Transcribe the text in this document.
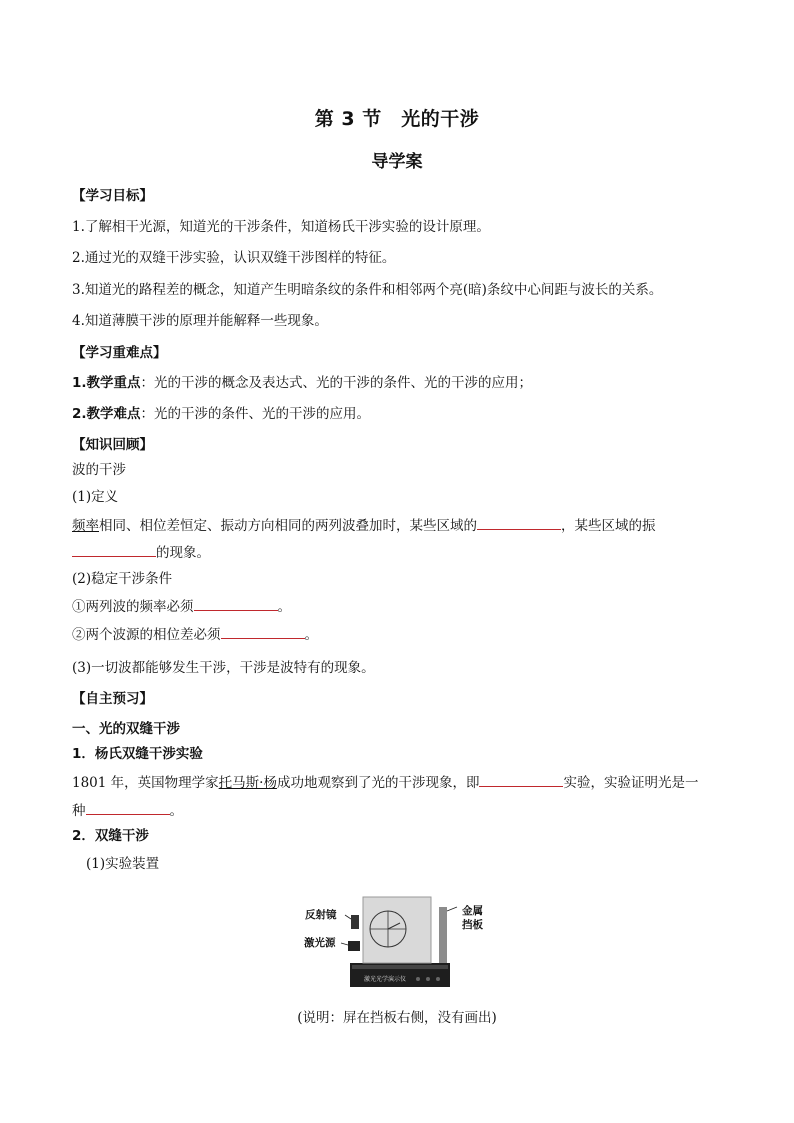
第 3 节　光的干涉
导学案
【学习目标】
1.了解相干光源，知道光的干涉条件，知道杨氏干涉实验的设计原理。
2.通过光的双缝干涉实验，认识双缝干涉图样的特征。
3.知道光的路程差的概念，知道产生明暗条纹的条件和相邻两个亮(暗)条纹中心间距与波长的关系。
4.知道薄膜干涉的原理并能解释一些现象。
【学习重难点】
1.教学重点：光的干涉的概念及表达式、光的干涉的条件、光的干涉的应用；
2.教学难点：光的干涉的条件、光的干涉的应用。
【知识回顾】
波的干涉
(1)定义
频率相同、相位差恒定、振动方向相同的两列波叠加时，某些区域的	，某些区域的振
的现象。
(2)稳定干涉条件
①两列波的频率必须	。
②两个波源的相位差必须	。
(3)一切波都能够发生干涉，干涉是波特有的现象。
【自主预习】
一、光的双缝干涉
1．杨氏双缝干涉实验
1801 年，英国物理学家托马斯·杨成功地观察到了光的干涉现象，即	实验，实验证明光是一
种	。
2．双缝干涉
(1)实验装置
激光光学演示仪
反射镜
激光源
金属
挡板
(说明：屏在挡板右侧，没有画出)
